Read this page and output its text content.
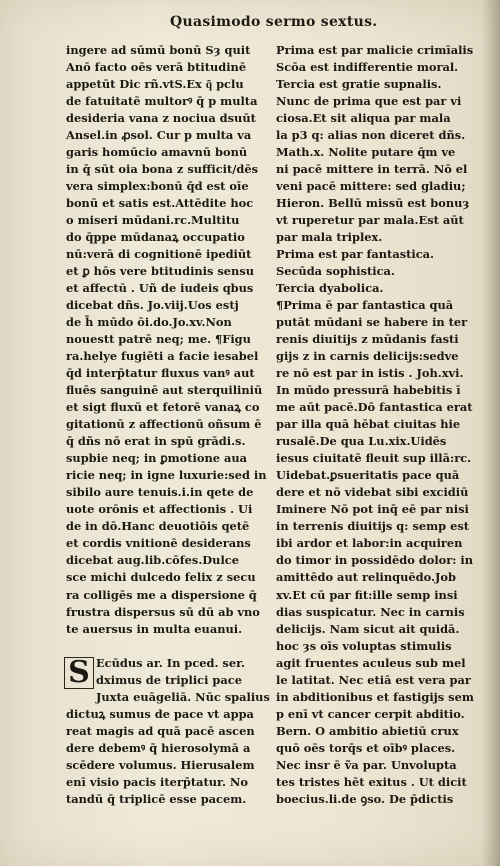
Quasimodo sermo sextus.
ingere ad sūmū bonū Sȝ quit
Anō facto oēs verā btitudinē
appetūt Dic rñ.vtS.Ex q͂ pclu
de fatuitatē multorꝰ q̄ p multa
desideria vana z nociua dsuūt
Ansel.in ꝓsol. Cur p multa va
garis homūcio amavnū bonū
in q̄ sūt oia bona z sufficit/dēs
vera simplex:bonū q̄d est oīe
bonū et satis est.Attēdite hoc
o miseri mūdani.rc.Multitu
do q̄ppe mūdanaꝝ occupatio
nū:verā di cognitionē ipediūt
et ꝑ hōs vere btitudinis sensu
et affectū . Uñ de iudeis qbus
dicebat dñs. Jo.viij.Uos estj
de h̄ mūdo ōi.do.Jo.xv.Non
nouestt patrē neq; me. ¶Figu
ra.helye fugiēti a facie iesabel
q̄d interp̄tatur fluxus vanꝰ aut
fluēs sanguinē aut sterquiliniū
et sigt fluxū et fetorē vanaꝝ co
gitationū z affectionū oñsum ē
q̄ dñs nō erat in spū grādi.s.
supbie neq; in ꝑmotione aua
ricie neq; in igne luxurie:sed in
sibilo aure tenuis.i.in qete de
uote orōnis et affectionis . Ui
de in dō.Hanc deuotiōis qetē
et cordis vnitionē desiderans
dicebat aug.lib.cōfes.Dulce
sce michi dulcedo felix z secu
ra colligēs me a dispersione q̄
frustra dispersus sū dū ab vno
te auersus in multa euanui.
S Ecūdus ar. In pced. ser.
dximus de triplici pace
Juxta euāgeliā. Nūc spalius
dictuꝝ sumus de pace vt appa
reat magis ad quā pacē ascen
dere debemꝰ q̄ hierosolymā a
scēdere volumus. Hierusalem
enī visio pacis iterp̄tatur. No
tandū q̄ triplicē esse pacem.
Prima est par malicie crimīalis
Scōa est indifferentie moral.
Tercia est gratie supnalis.
Nunc de prima que est par vi
ciosa.Et sit aliqua par mala
la p3 q: alias non diceret dñs.
Math.x. Nolite putare q̄m ve
ni pacē mittere in terrā. Nō el
veni pacē mittere: sed gladiu;
Hieron. Bellū missū est bonuȝ
vt ruperetur par mala.Est aūt
par mala triplex.
Prima est par fantastica.
Secūda sophistica.
Tercia dyabolica.
¶Prima ē par fantastica quā
putāt mūdani se habere in ter
renis diuitijs z mūdanis fasti
gijs z in carnis delicijs:sedve
re nō est par in istis . Joh.xvi.
In mūdo pressurā habebitis ī
me aūt pacē.Dō fantastica erat
par illa quā hēbat ciuitas hie
rusalē.De qua Lu.xix.Uidēs
iesus ciuitatē fleuit sup illā:rc.
Uidebat.ꝑsueritatis pace quā
dere et nō videbat sibi excidiū
Iminere Nō pot inq̄ eē par nisi
in terrenis diuitijs q: semp est
ibi ardor et labor:in acquiren
do timor in possidēdo dolor: in
amittēdo aut relinquēdo.Job
xv.Et cū par fit:ille semp insi
dias suspicatur. Nec in carnis
delicijs. Nam sicut ait quidā.
hoc ȝs oīs voluptas stimulis
agit fruentes aculeus sub mel
le latitat. Nec etiā est vera par
in abditionibus et fastigijs sem
p enī vt cancer cerpit abditio.
Bern. O ambitio abietiū crux
quō oēs torq̄s et oībꝰ places.
Nec insr ē ṽa par. Unvolupta
tes tristes hēt exitus . Ut dicit
boecius.li.de ꝯso. De p̄dictis
